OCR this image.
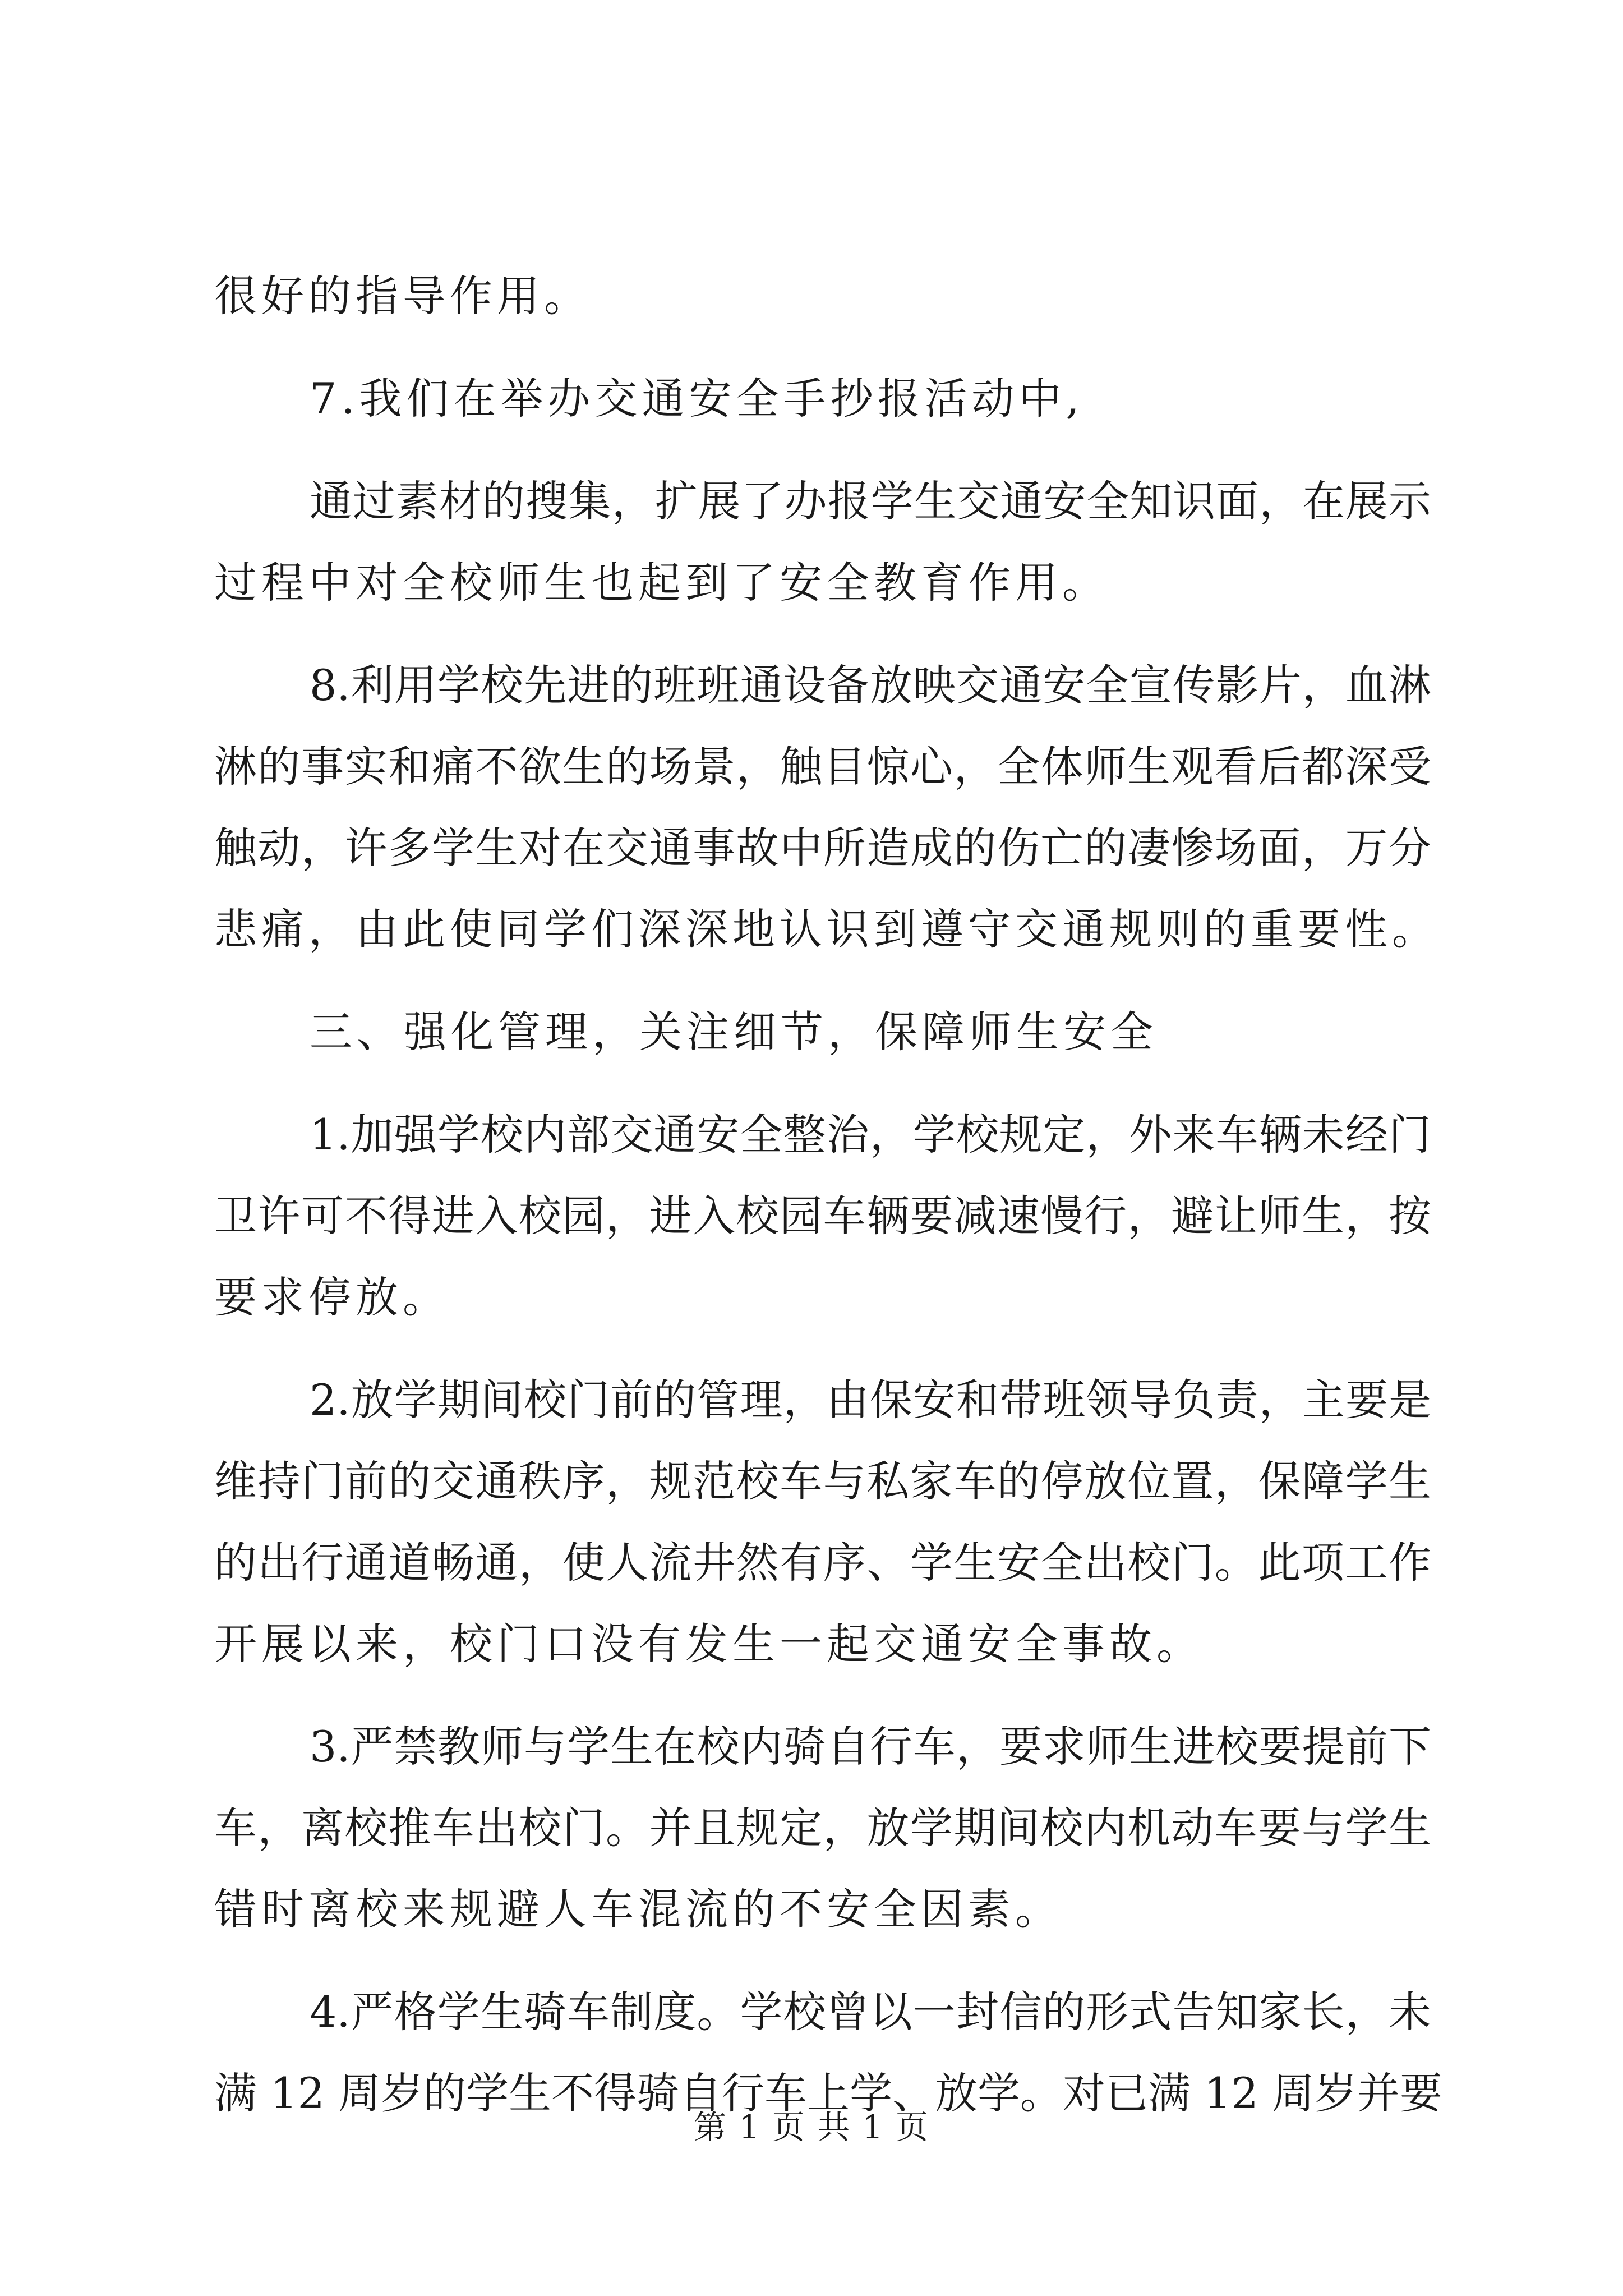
很好的指导作用。
7.我们在举办交通安全手抄报活动中,
通过素材的搜集，扩展了办报学生交通安全知识面，在展示
过程中对全校师生也起到了安全教育作用。
8.利用学校先进的班班通设备放映交通安全宣传影片，血淋
淋的事实和痛不欲生的场景，触目惊心，全体师生观看后都深受
触动，许多学生对在交通事故中所造成的伤亡的凄惨场面，万分
悲痛，由此使同学们深深地认识到遵守交通规则的重要性。
三、强化管理，关注细节，保障师生安全
1.加强学校内部交通安全整治，学校规定，外来车辆未经门
卫许可不得进入校园，进入校园车辆要减速慢行，避让师生，按
要求停放。
2.放学期间校门前的管理，由保安和带班领导负责，主要是
维持门前的交通秩序，规范校车与私家车的停放位置，保障学生
的出行通道畅通，使人流井然有序、学生安全出校门。此项工作
开展以来，校门口没有发生一起交通安全事故。
3.严禁教师与学生在校内骑自行车，要求师生进校要提前下
车，离校推车出校门。并且规定，放学期间校内机动车要与学生
错时离校来规避人车混流的不安全因素。
4.严格学生骑车制度。学校曾以一封信的形式告知家长，未
满 12 周岁的学生不得骑自行车上学、放学。对已满 12 周岁并要
第 1 页 共 1 页
